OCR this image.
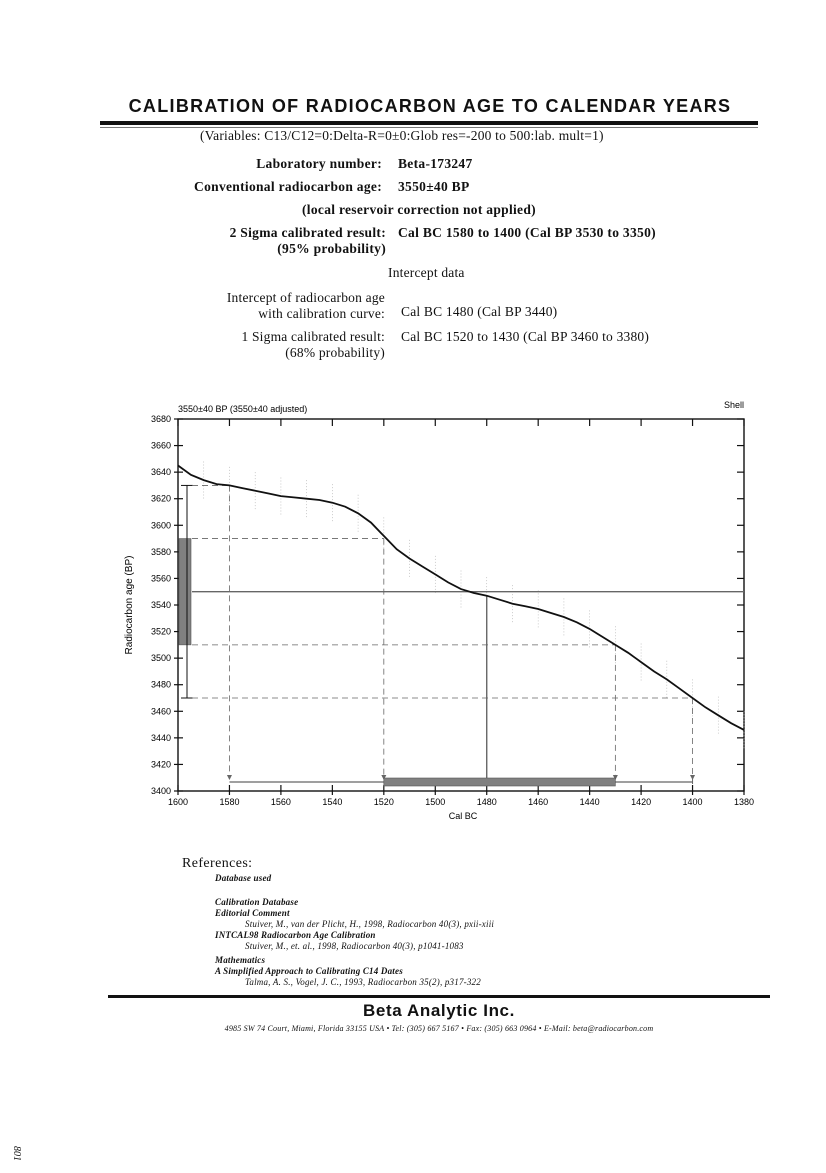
CALIBRATION OF RADIOCARBON AGE TO CALENDAR YEARS
(Variables: C13/C12=0:Delta-R=0±0:Glob res=-200 to 500:lab. mult=1)
Laboratory number: Beta-173247
Conventional radiocarbon age: 3550±40 BP
(local reservoir correction not applied)
2 Sigma calibrated result:
(95% probability)
Cal BC 1580 to 1400 (Cal BP 3530 to 3350)
Intercept data
Intercept of radiocarbon age
with calibration curve: Cal BC 1480 (Cal BP 3440)
1 Sigma calibrated result:
(68% probability)
Cal BC 1520 to 1430 (Cal BP 3460 to 3380)
3550±40 BP (3550±40 adjusted)	Shell
Radiocarbon age (BP)
Cal BC
3400
3420
3440
3460
3480
3500
3520
3540
3560
3580
3600
3620
3640
3660
3680
1600	1580	1560	1540	1520	1500	1480	1460	1440	1420	1400	1380
References:
Database used
Calibration Database
Editorial Comment
Stuiver, M., van der Plicht, H., 1998, Radiocarbon 40(3), pxii-xiii
INTCAL98 Radiocarbon Age Calibration
Stuiver, M., et. al., 1998, Radiocarbon 40(3), p1041-1083
Mathematics
A Simplified Approach to Calibrating C14 Dates
Talma, A. S., Vogel, J. C., 1993, Radiocarbon 35(2), p317-322
Beta Analytic Inc.
4985 SW 74 Court, Miami, Florida 33155 USA • Tel: (305) 667 5167 • Fax: (305) 663 0964 • E-Mail: beta@radiocarbon.com
801
